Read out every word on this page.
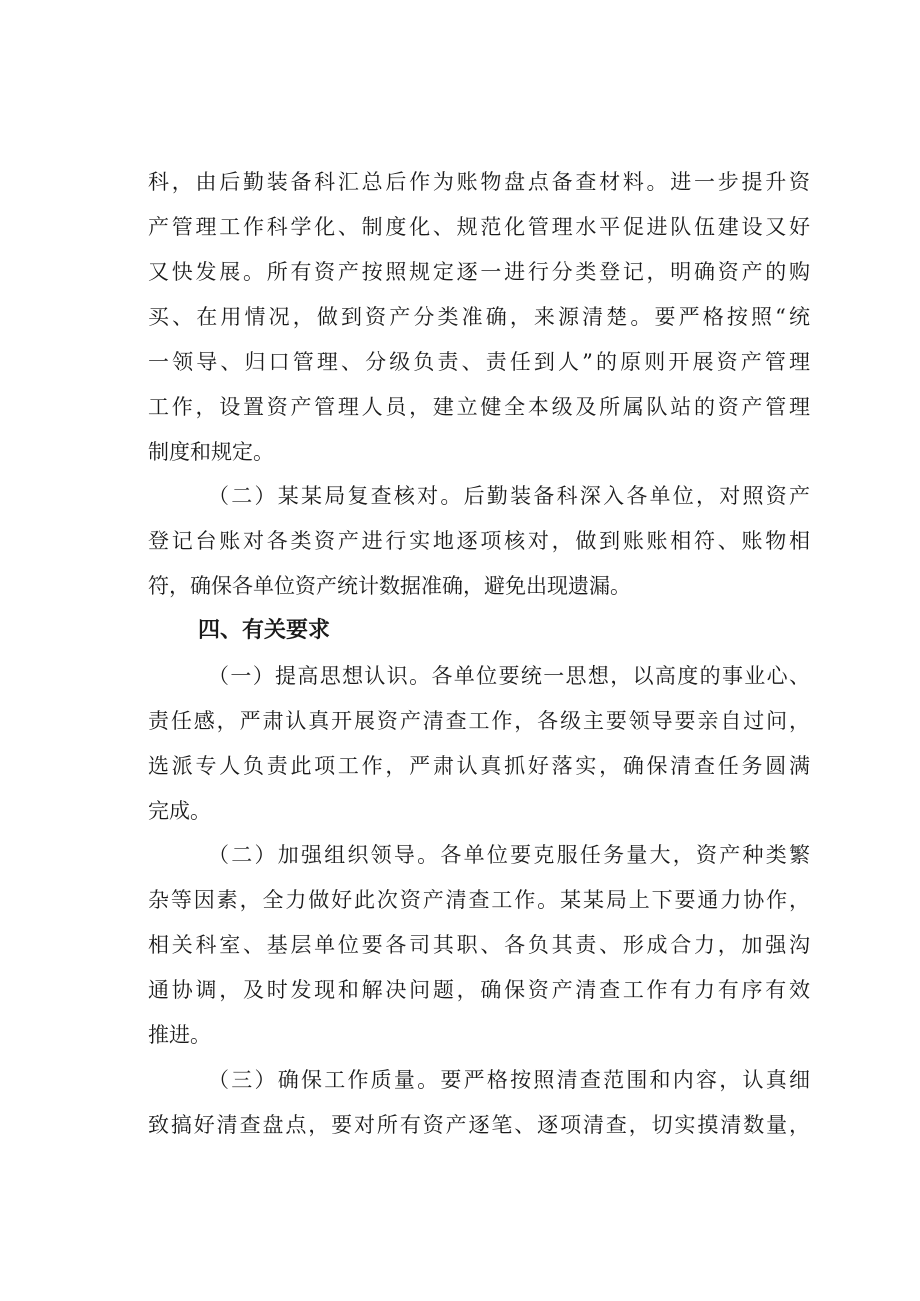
科，由后勤装备科汇总后作为账物盘点备查材料。进一步提升资
产管理工作科学化、制度化、规范化管理水平促进队伍建设又好
又快发展。所有资产按照规定逐一进行分类登记，明确资产的购
买、在用情况，做到资产分类准确，来源清楚。要严格按照“统
一领导、归口管理、分级负责、责任到人”的原则开展资产管理
工作，设置资产管理人员，建立健全本级及所属队站的资产管理
制度和规定。
（二）某某局复查核对。后勤装备科深入各单位，对照资产
登记台账对各类资产进行实地逐项核对，做到账账相符、账物相
符，确保各单位资产统计数据准确，避免出现遗漏。
四、有关要求
（一）提高思想认识。各单位要统一思想，以高度的事业心、
责任感，严肃认真开展资产清查工作，各级主要领导要亲自过问，
选派专人负责此项工作，严肃认真抓好落实，确保清查任务圆满
完成。
（二）加强组织领导。各单位要克服任务量大，资产种类繁
杂等因素，全力做好此次资产清查工作。某某局上下要通力协作，
相关科室、基层单位要各司其职、各负其责、形成合力，加强沟
通协调，及时发现和解决问题，确保资产清查工作有力有序有效
推进。
（三）确保工作质量。要严格按照清查范围和内容，认真细
致搞好清查盘点，要对所有资产逐笔、逐项清查，切实摸清数量，
